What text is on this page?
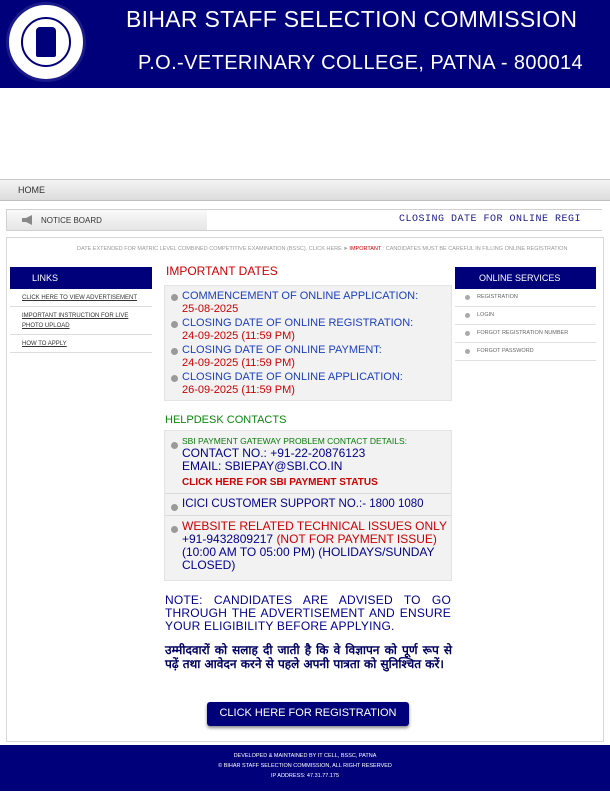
BIHAR STAFF SELECTION COMMISSION
P.O.-VETERINARY COLLEGE, PATNA - 800014
HOME
NOTICE BOARD	CLOSING DATE FOR ONLINE REGI
DATE EXTENDED FOR MATRIC LEVEL COMBINED COMPETITIVE EXAMINATION (BSSC). CLICK HERE ➤ IMPORTANT : CANDIDATES MUST BE CAREFUL IN FILLING ONLINE REGISTRATION
LINKS
CLICK HERE TO VIEW ADVERTISEMENT
IMPORTANT INSTRUCTION FOR LIVE PHOTO UPLOAD
HOW TO APPLY
ONLINE SERVICES
REGISTRATION
LOGIN
FORGOT REGISTRATION NUMBER
FORGOT PASSWORD
IMPORTANT DATES
COMMENCEMENT OF ONLINE APPLICATION:
25-08-2025
CLOSING DATE OF ONLINE REGISTRATION:
24-09-2025 (11:59 PM)
CLOSING DATE OF ONLINE PAYMENT:
24-09-2025 (11:59 PM)
CLOSING DATE OF ONLINE APPLICATION:
26-09-2025 (11:59 PM)
HELPDESK CONTACTS
SBI PAYMENT GATEWAY PROBLEM CONTACT DETAILS:
CONTACT NO.: +91-22-20876123
EMAIL: SBIEPAY@SBI.CO.IN
CLICK HERE FOR SBI PAYMENT STATUS
ICICI CUSTOMER SUPPORT NO.:- 1800 1080
WEBSITE RELATED TECHNICAL ISSUES ONLY
+91-9432809217 (NOT FOR PAYMENT ISSUE)
(10:00 AM TO 05:00 PM) (HOLIDAYS/SUNDAY CLOSED)
NOTE: CANDIDATES ARE ADVISED TO GO THROUGH THE ADVERTISEMENT AND ENSURE YOUR ELIGIBILITY BEFORE APPLYING.
उम्मीदवारों को सलाह दी जाती है कि वे विज्ञापन को पूर्ण रूप से पढ़ें तथा आवेदन करने से पहले अपनी पात्रता को सुनिश्चित करें।
CLICK HERE FOR REGISTRATION
DEVELOPED & MAINTAINED BY IT CELL, BSSC, PATNA
© BIHAR STAFF SELECTION COMMISSION, ALL RIGHT RESERVED
IP ADDRESS: 47.31.77.175
